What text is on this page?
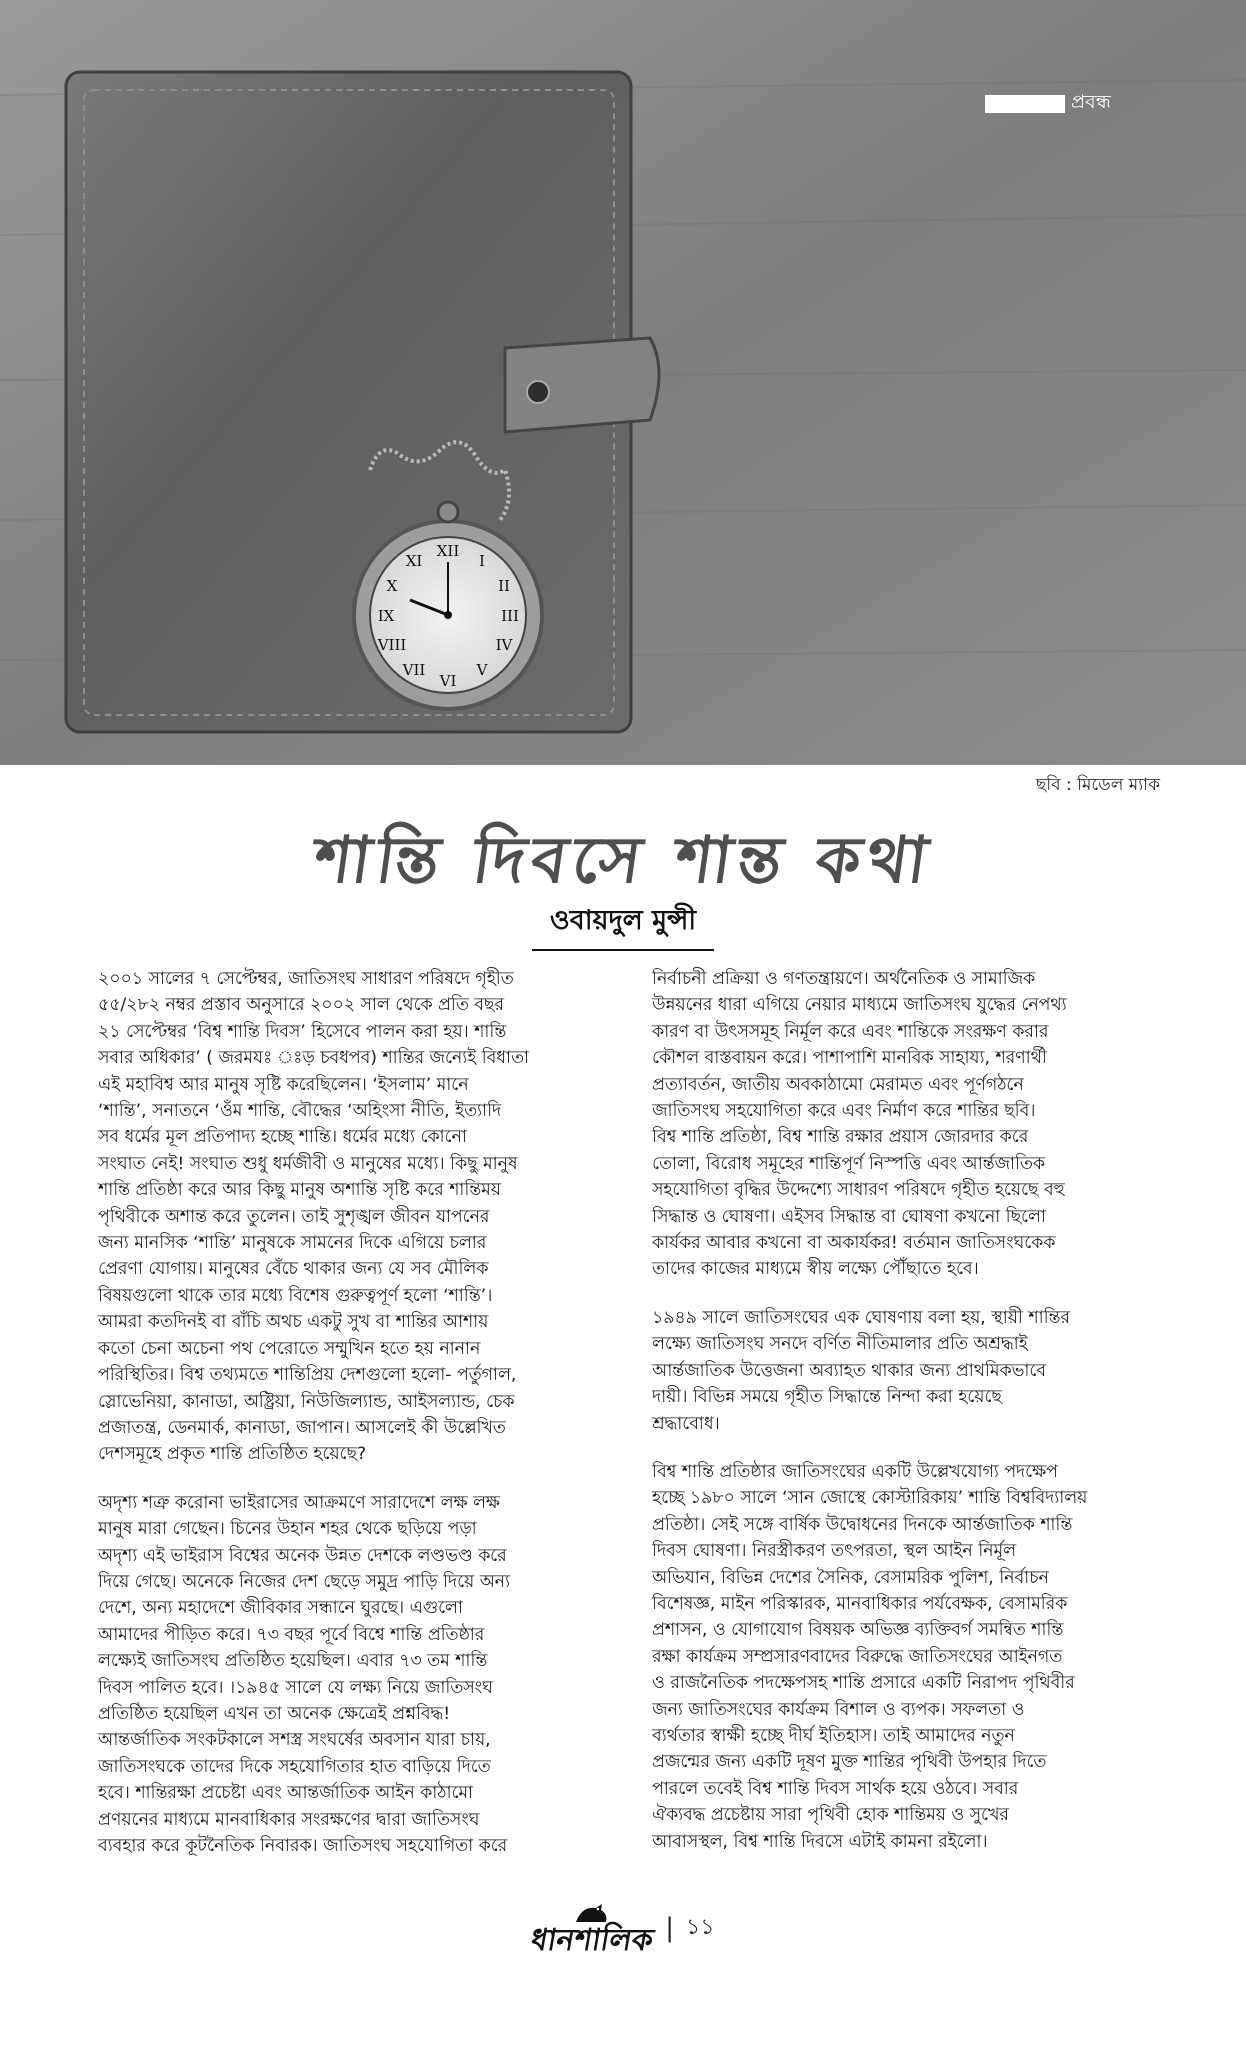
XII
I
II
III
IV
V
VI
VII
VIII
IX
X
XI
প্রবন্ধ
ছবি : মিডেল ম্যাক
শান্তি দিবসে শান্ত কথা
ওবায়দুল মুন্সী

২০০১ সালের ৭ সেপ্টেম্বর, জাতিসংঘ সাধারণ পরিষদে গৃহীত
৫৫/২৮২ নম্বর প্রস্তাব অনুসারে ২০০২ সাল থেকে প্রতি বছর
২১ সেপ্টেম্বর ‘বিশ্ব শান্তি দিবস’ হিসেবে পালন করা হয়। শান্তি
সবার অধিকার’ ( জরমযঃ ঃড় চবধপব) শান্তির জন্যেই বিধাতা
এই মহাবিশ্ব আর মানুষ সৃষ্টি করেছিলেন। ‘ইসলাম’ মানে
‘শান্তি’, সনাতনে ‘ওঁম শান্তি, বৌদ্ধের ‘অহিংসা নীতি, ইত্যাদি
সব ধর্মের মূল প্রতিপাদ্য হচ্ছে শান্তি। ধর্মের মধ্যে কোনো
সংঘাত নেই! সংঘাত শুধু ধর্মজীবী ও মানুষের মধ্যে। কিছু মানুষ
শান্তি প্রতিষ্ঠা করে আর কিছু মানুষ অশান্তি সৃষ্টি করে শান্তিময়
পৃথিবীকে অশান্ত করে তুলেন। তাই সুশৃঙ্খল জীবন যাপনের
জন্য মানসিক ‘শান্তি’ মানুষকে সামনের দিকে এগিয়ে চলার
প্রেরণা যোগায়। মানুষের বেঁচে থাকার জন্য যে সব মৌলিক
বিষয়গুলো থাকে তার মধ্যে বিশেষ গুরুত্বপূর্ণ হলো ‘শান্তি’।
আমরা কতদিনই বা বাঁচি অথচ একটু সুখ বা শান্তির আশায়
কতো চেনা অচেনা পথ পেরোতে সম্মুখিন হতে হয় নানান
পরিস্থিতির। বিশ্ব তথ্যমতে শান্তিপ্রিয় দেশগুলো হলো- পর্তুগাল,
স্লোভেনিয়া, কানাডা, অষ্ট্রিয়া, নিউজিল্যান্ড, আইসল্যান্ড, চেক
প্রজাতন্ত্র, ডেনমার্ক, কানাডা, জাপান। আসলেই কী উল্লেখিত
দেশসমূহে প্রকৃত শান্তি প্রতিষ্ঠিত হয়েছে?

অদৃশ্য শত্রু করোনা ভাইরাসের আক্রমণে সারাদেশে লক্ষ লক্ষ
মানুষ মারা গেছেন। চিনের উহান শহর থেকে ছড়িয়ে পড়া
অদৃশ্য এই ভাইরাস বিশ্বের অনেক উন্নত দেশকে লণ্ডভণ্ড করে
দিয়ে গেছে। অনেকে নিজের দেশ ছেড়ে সমুদ্র পাড়ি দিয়ে অন্য
দেশে, অন্য মহাদেশে জীবিকার সন্ধানে ঘুরছে। এগুলো
আমাদের পীড়িত করে। ৭৩ বছর পূর্বে বিশ্বে শান্তি প্রতিষ্ঠার
লক্ষ্যেই জাতিসংঘ প্রতিষ্ঠিত হয়েছিল। এবার ৭৩ তম শান্তি
দিবস পালিত হবে। ।১৯৪৫ সালে যে লক্ষ্য নিয়ে জাতিসংঘ
প্রতিষ্ঠিত হয়েছিল এখন তা অনেক ক্ষেত্রেই প্রশ্নবিদ্ধ!
আন্তর্জাতিক সংকটকালে সশস্ত্র সংঘর্ষের অবসান যারা চায়,
জাতিসংঘকে তাদের দিকে সহযোগিতার হাত বাড়িয়ে দিতে
হবে। শান্তিরক্ষা প্রচেষ্টা এবং আন্তর্জাতিক আইন কাঠামো
প্রণয়নের মাধ্যমে মানবাধিকার সংরক্ষণের দ্বারা জাতিসংঘ
ব্যবহার করে কূটনৈতিক নিবারক। জাতিসংঘ সহযোগিতা করে

নির্বাচনী প্রক্রিয়া ও গণতন্ত্রায়ণে। অর্থনৈতিক ও সামাজিক
উন্নয়নের ধারা এগিয়ে নেয়ার মাধ্যমে জাতিসংঘ যুদ্ধের নেপথ্য
কারণ বা উৎসসমূহ নির্মূল করে এবং শান্তিকে সংরক্ষণ করার
কৌশল বাস্তবায়ন করে। পাশাপাশি মানবিক সাহায্য, শরণার্থী
প্রত্যাবর্তন, জাতীয় অবকাঠামো মেরামত এবং পূর্ণগঠনে
জাতিসংঘ সহযোগিতা করে এবং নির্মাণ করে শান্তির ছবি।
বিশ্ব শান্তি প্রতিষ্ঠা, বিশ্ব শান্তি রক্ষার প্রয়াস জোরদার করে
তোলা, বিরোধ সমূহের শান্তিপূর্ণ নিস্পত্তি এবং আর্ন্তজাতিক
সহযোগিতা বৃদ্ধির উদ্দেশ্যে সাধারণ পরিষদে গৃহীত হয়েছে বহু
সিদ্ধান্ত ও ঘোষণা। এইসব সিদ্ধান্ত বা ঘোষণা কখনো ছিলো
কার্যকর আবার কখনো বা অকার্যকর! বর্তমান জাতিসংঘকেক
তাদের কাজের মাধ্যমে স্বীয় লক্ষ্যে পৌঁছাতে হবে।

১৯৪৯ সালে জাতিসংঘের এক ঘোষণায় বলা হয়, স্থায়ী শান্তির
লক্ষ্যে জাতিসংঘ সনদে বর্ণিত নীতিমালার প্রতি অশ্রদ্ধাই
আর্ন্তজাতিক উত্তেজনা অব্যাহত থাকার জন্য প্রাথমিকভাবে
দায়ী। বিভিন্ন সময়ে গৃহীত সিদ্ধান্তে নিন্দা করা হয়েছে
শ্রদ্ধাবোধ।

বিশ্ব শান্তি প্রতিষ্ঠার জাতিসংঘের একটি উল্লেখযোগ্য পদক্ষেপ
হচ্ছে ১৯৮০ সালে ‘সান জোস্থে কোস্টারিকায়’ শান্তি বিশ্ববিদ্যালয়
প্রতিষ্ঠা। সেই সঙ্গে বার্ষিক উদ্বোধনের দিনকে আর্ন্তজাতিক শান্তি
দিবস ঘোষণা। নিরস্ত্রীকরণ তৎপরতা, স্থল আইন নির্মূল
অভিযান, বিভিন্ন দেশের সৈনিক, বেসামরিক পুলিশ, নির্বাচন
বিশেষজ্ঞ, মাইন পরিস্কারক, মানবাধিকার পর্যবেক্ষক, বেসামরিক
প্রশাসন, ও যোগাযোগ বিষয়ক অভিজ্ঞ ব্যক্তিবর্গ সমন্বিত শান্তি
রক্ষা কার্যক্রম সম্প্রসারণবাদের বিরুদ্ধে জাতিসংঘের আইনগত
ও রাজনৈতিক পদক্ষেপসহ শান্তি প্রসারে একটি নিরাপদ পৃথিবীর
জন্য জাতিসংঘের কার্যক্রম বিশাল ও ব্যপক। সফলতা ও
ব্যর্থতার স্বাক্ষী হচ্ছে দীর্ঘ ইতিহাস। তাই আমাদের নতুন
প্রজন্মের জন্য একটি দূষণ মুক্ত শান্তির পৃথিবী উপহার দিতে
পারলে তবেই বিশ্ব শান্তি দিবস সার্থক হয়ে ওঠবে। সবার
ঐক্যবদ্ধ প্রচেষ্টায় সারা পৃথিবী হোক শান্তিময় ও সুখের
আবাসস্থল, বিশ্ব শান্তি দিবসে এটাই কামনা রইলো।

ধানশালিক | ১১
